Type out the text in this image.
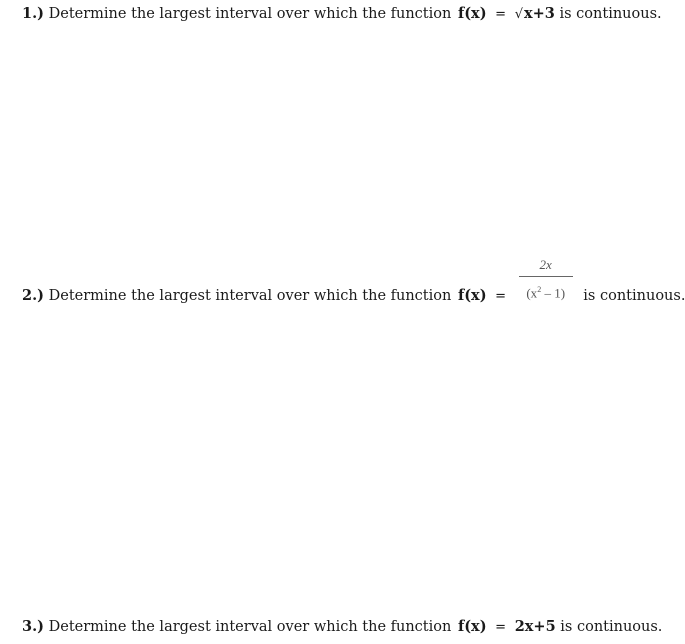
1.) Determine the largest interval over which the function f(x) = √x+3 is continuous.
2.) Determine the largest interval over which the function $f(x) = \frac{2x}{(x^2 - 1)}$ is continuous.
3.) Determine the largest interval over which the function f(x) = 2x+5 is continuous.
